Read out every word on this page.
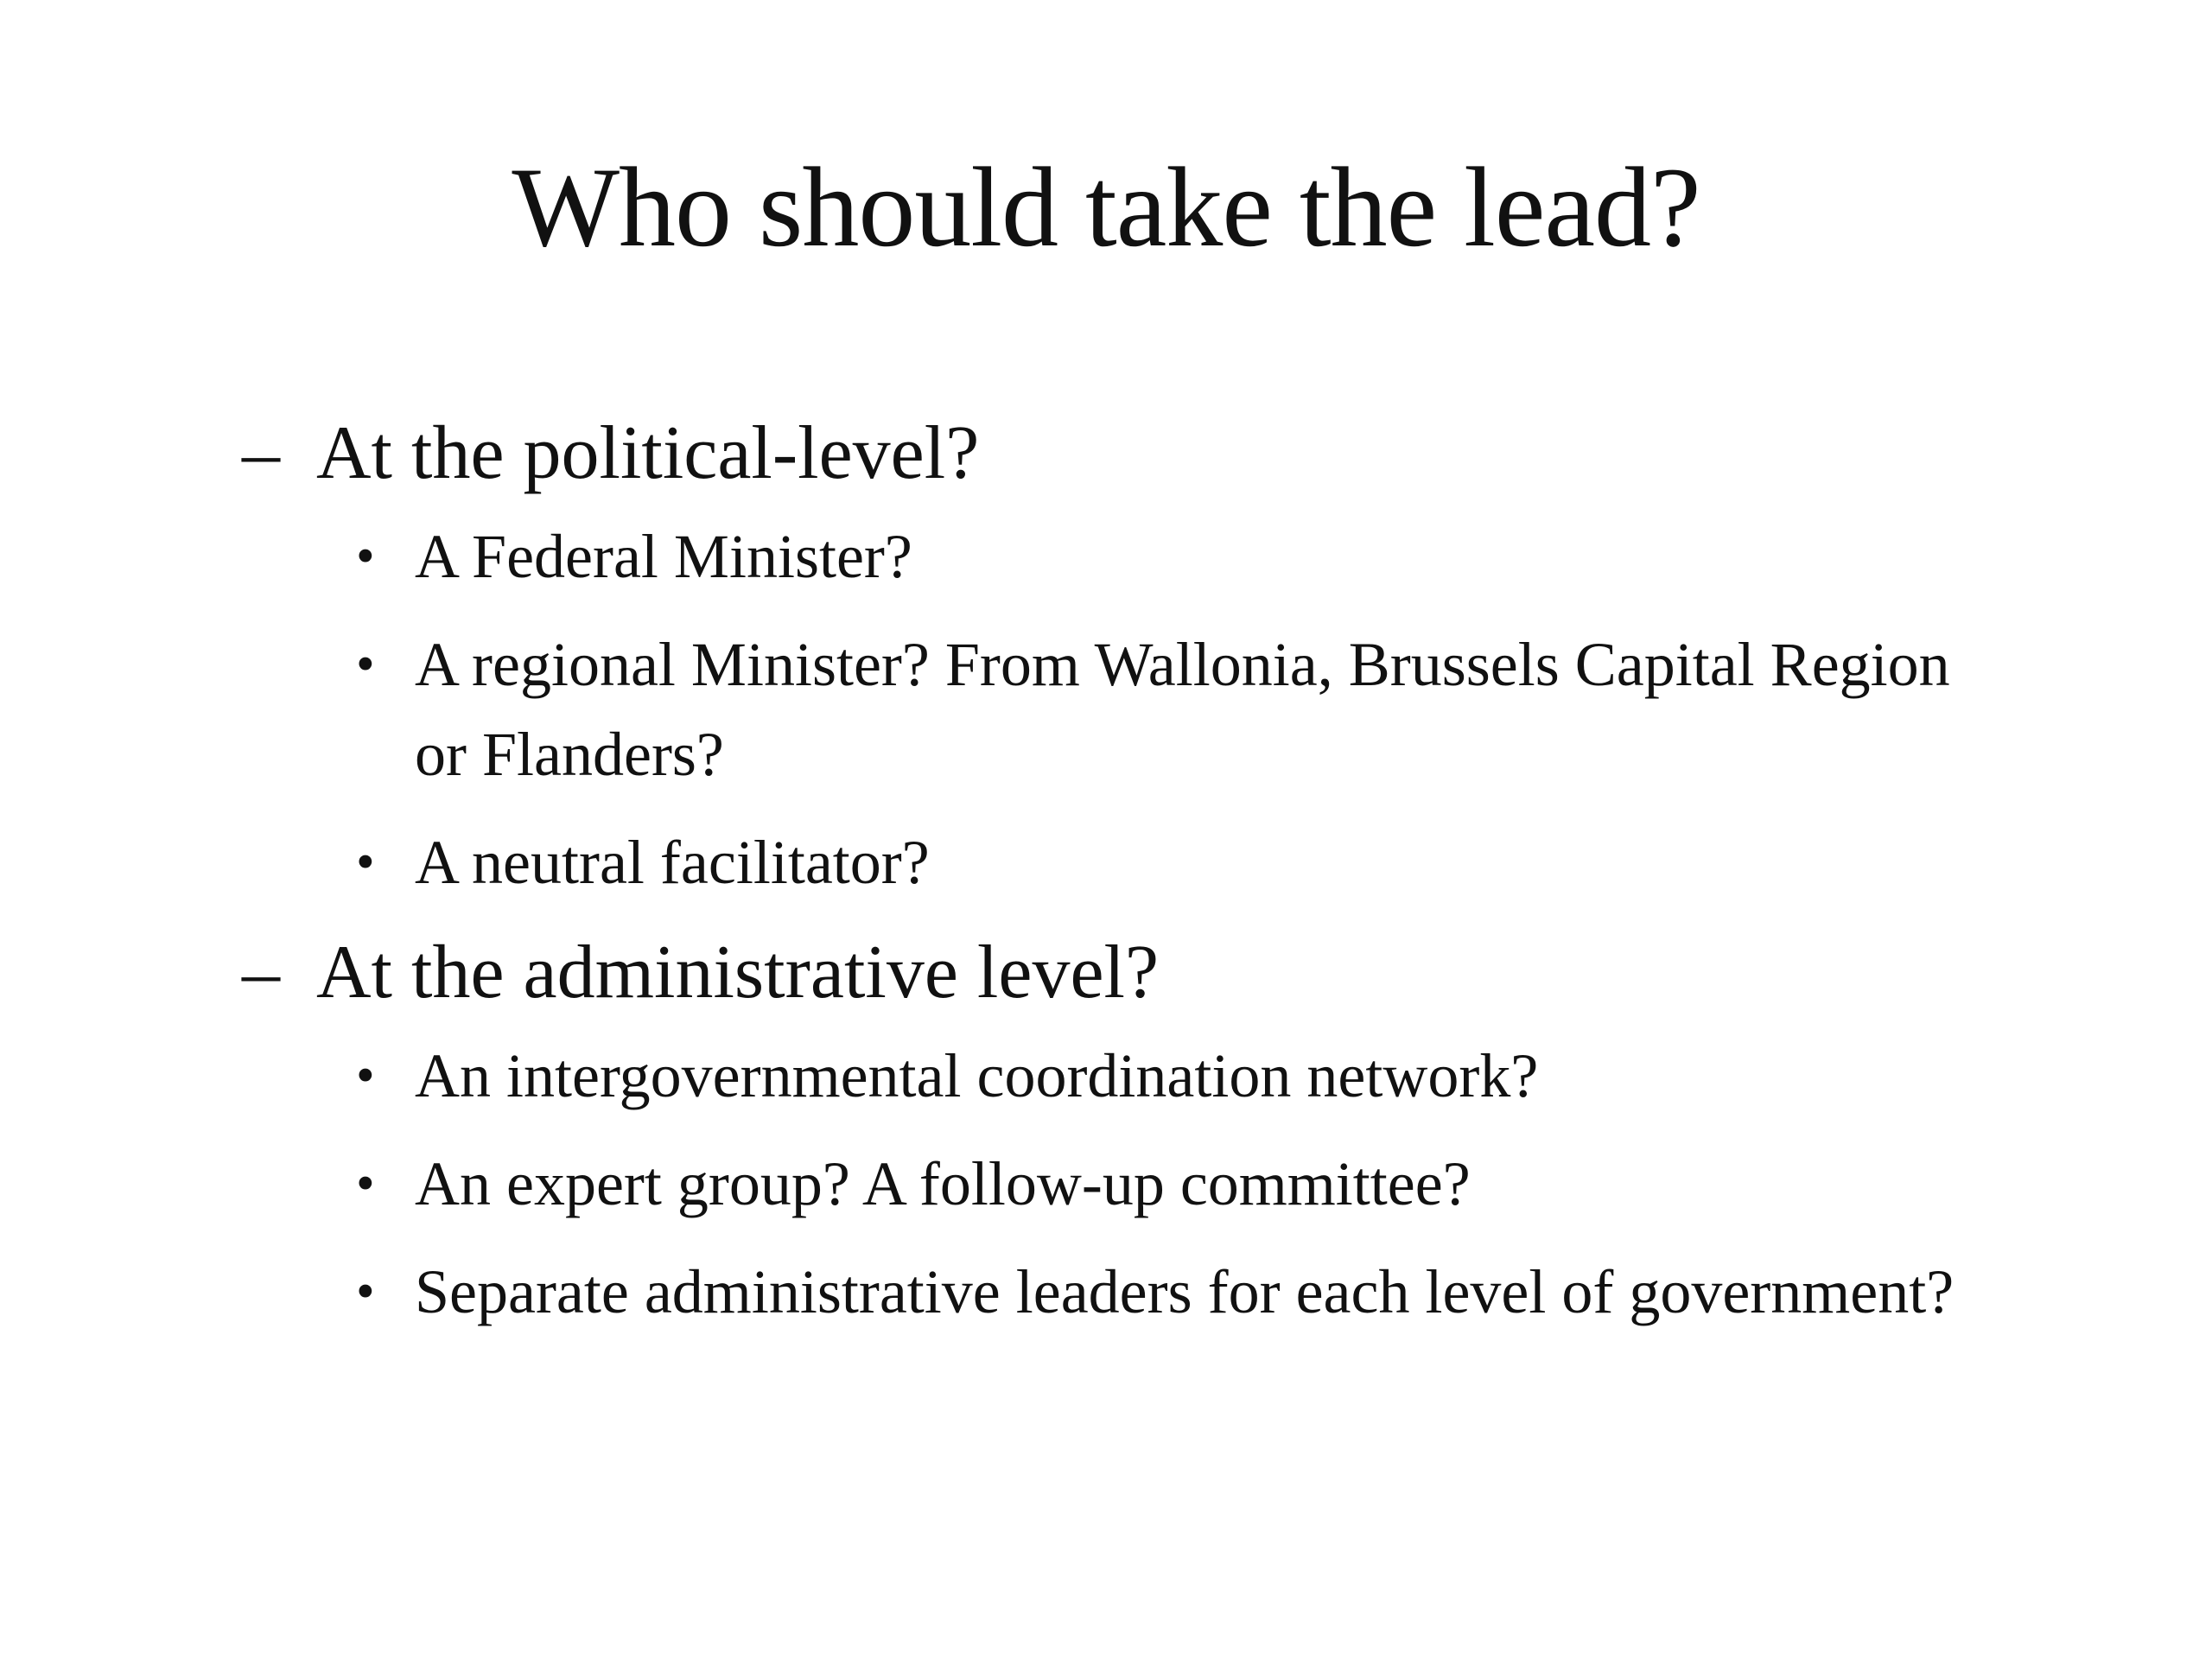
Who should take the lead?
– At the political-level?
• A Federal Minister?
• A regional Minister? From Wallonia, Brussels Capital Region or Flanders?
• A neutral facilitator?
– At the administrative level?
• An intergovernmental coordination network?
• An expert group? A follow-up committee?
• Separate administrative leaders for each level of government?
